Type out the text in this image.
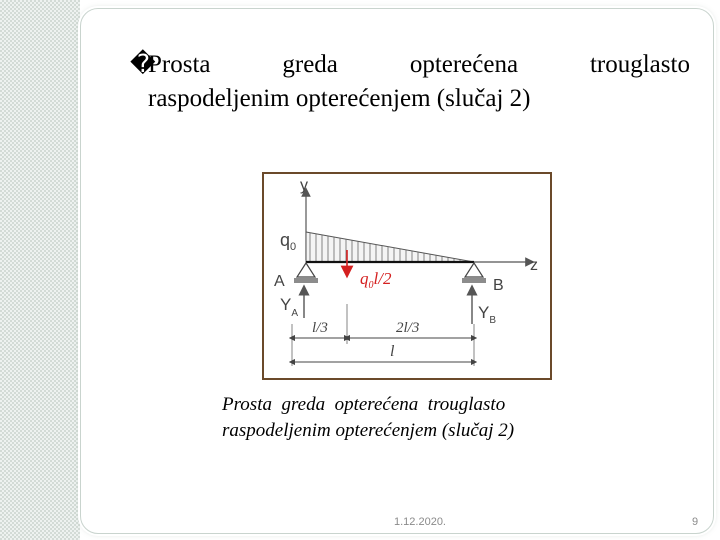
�Prosta	greda	opterećena	trouglasto
raspodeljenim opterećenjem (slučaj 2)
y
z
$q_0$
A	B
$Y_A$	$Y_B$
$q_0l/2$
l/3	2l/3
l
Prosta  greda  opterećena  trouglasto
raspodeljenim opterećenjem (slučaj 2)
1.12.2020.	9
